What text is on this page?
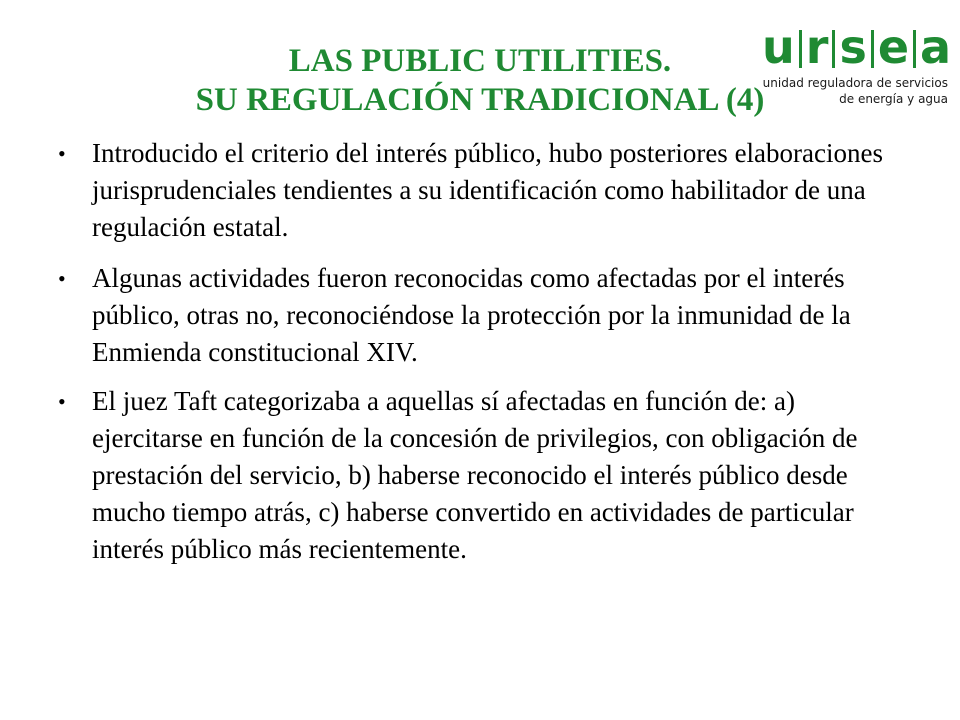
LAS PUBLIC UTILITIES.
SU REGULACIÓN TRADICIONAL (4)
u r s e a
unidad reguladora de servicios
de energía y agua
• Introducido el criterio del interés público, hubo posteriores elaboraciones jurisprudenciales tendientes a su identificación como habilitador de una regulación estatal.
• Algunas actividades fueron reconocidas como afectadas por el interés público, otras no, reconociéndose la protección por la inmunidad de la Enmienda constitucional XIV.
• El juez Taft categorizaba a aquellas sí afectadas en función de: a) ejercitarse en función de la concesión de privilegios, con obligación de prestación del servicio, b) haberse reconocido el interés público desde mucho tiempo atrás, c) haberse convertido en actividades de particular interés público más recientemente.
